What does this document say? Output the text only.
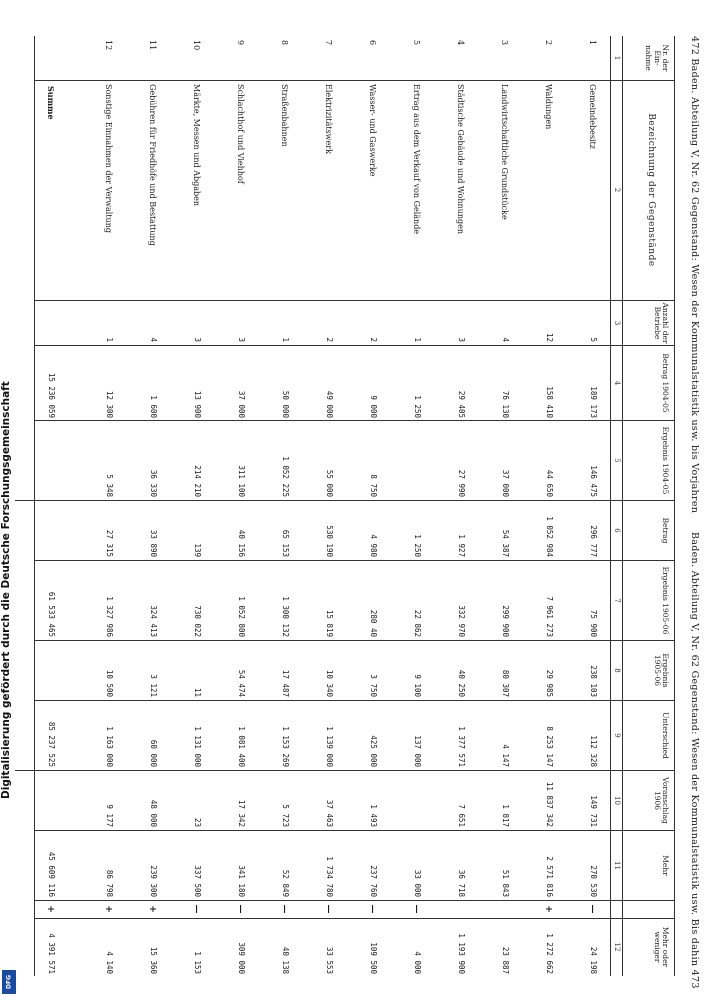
472 Baden. Abteilung V, Nr. 62 Gegenstand: Wesen der Kommunalstatistik usw. bis Vorjahren
Baden. Abteilung V, Nr. 62 Gegenstand: Wesen der Kommunalstatistik usw. Bis dahin 473
Nr. der Ein-nahme
Bezeichnung der Gegenstände
Anzahl der Betriebe
Betrag 1904-05
Ergebnis 1904-05
Betrag
Ergebnis 1905-06
Ergebnis 1905-06
Unterschied
Voranschlag 1906
Mehr
Mehr oder weniger
1
2
3
4
5
6
7
8
9
10
11
12
1
Gemeindebesitz
5
189 173
146 475
296 777
75 900
238 103
112 328
149 731
270 530
—
24 198
2
Waldungen
12
158 410
44 650
1 052 984
7 961 273
29 985
8 253 147
11 837 342
2 571 816
+
1 272 662
3
Landwirtschaftliche Grundstücke
4
76 130
37 000
54 387
299 900
80 307
4 147
1 817
51 843
23 887
4
Städtische Gebäude und Wohnungen
3
29 405
27 990
1 927
332 970
40 250
1 377 571
7 651
36 718
1 193 900
5
Ertrag aus dem Verkauf von Gelände
1
1 250
1 250
22 862
9 100
137 000
33 000
—
4 000
6
Wasser- und Gaswerke
2
9 000
8 750
4 980
280 40
3 750
425 000
1 493
237 760
—
109 500
7
Elektrizitätswerk
2
49 000
55 000
530 190
15 819
10 340
1 139 000
37 463
1 734 780
—
33 553
8
Straßenbahnen
1
50 000
1 052 225
65 153
1 300 132
17 487
1 153 269
5 723
52 849
—
40 138
9
Schlachthof und Viehhof
3
37 000
311 100
40 156
1 052 800
54 474
1 081 400
17 342
341 180
—
309 000
10
Märkte, Messen und Abgaben
3
13 900
214 210
139
730 022
11
1 131 000
23
337 500
—
1 153
11
Gebühren für Friedhöfe und Bestattung
4
1 600
36 330
33 890
324 413
3 121
60 000
48 000
239 300
+
15 360
12
Sonstige Einnahmen der Verwaltung
1
12 300
5 348
27 315
1 327 986
10 500
1 163 000
9 177
86 798
+
4 140
Summe
15 236 059
61 533 465
85 237 525
45 609 116
+
4 391 571
Digitalisierung gefördert durch die Deutsche Forschungsgemeinschaft
DFG
